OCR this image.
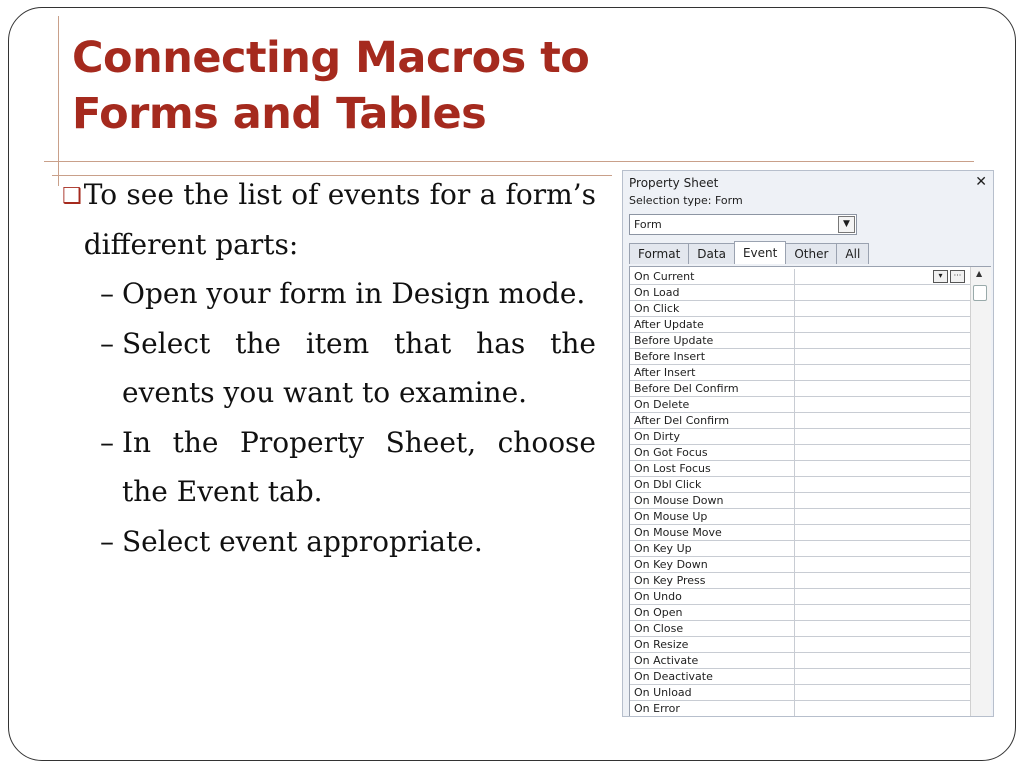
Connecting Macros to
Forms and Tables
❑ To see the list of events for a form’s different parts:
– Open your form in Design mode.
– Select the item that has the events you want to examine.
– In the Property Sheet, choose the Event tab.
– Select event appropriate.
Property Sheet	✕
Selection type: Form
Form	▼
Format	Data	Event	Other	All
On Error
On Unload
On Deactivate
On Activate
On Resize
On Close
On Open
On Undo
On Key Press
On Key Down
On Key Up
On Mouse Move
On Mouse Up
On Mouse Down
On Dbl Click
On Lost Focus
On Got Focus
On Dirty
After Del Confirm
On Delete
Before Del Confirm
After Insert
Before Insert
Before Update
After Update
On Click
On Load
On Current	▾	···	▲
